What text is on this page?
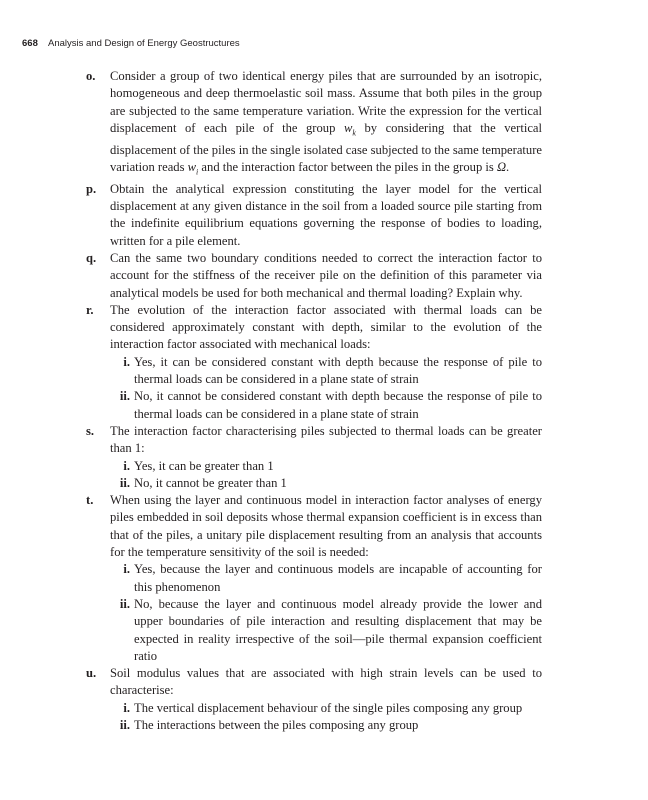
668 Analysis and Design of Energy Geostructures
o.	Consider a group of two identical energy piles that are surrounded by an isotropic, homogeneous and deep thermoelastic soil mass. Assume that both piles in the group are subjected to the same temperature variation. Write the expression for the vertical displacement of each pile of the group $w_k$ by considering that the vertical displacement of the piles in the single isolated case subjected to the same temperature variation reads $w_i$ and the interaction factor between the piles in the group is Ω.

p.	Obtain the analytical expression constituting the layer model for the vertical displacement at any given distance in the soil from a loaded source pile starting from the indefinite equilibrium equations governing the response of bodies to loading, written for a pile element.

q.	Can the same two boundary conditions needed to correct the interaction factor to account for the stiffness of the receiver pile on the definition of this parameter via analytical models be used for both mechanical and thermal loading? Explain why.

r.	The evolution of the interaction factor associated with thermal loads can be considered approximately constant with depth, similar to the evolution of the interaction factor associated with mechanical loads:

i. Yes, it can be considered constant with depth because the response of pile to thermal loads can be considered in a plane state of strain

ii. No, it cannot be considered constant with depth because the response of pile to thermal loads can be considered in a plane state of strain

s.	The interaction factor characterising piles subjected to thermal loads can be greater than 1:

i. Yes, it can be greater than 1

ii. No, it cannot be greater than 1

t.	When using the layer and continuous model in interaction factor analyses of energy piles embedded in soil deposits whose thermal expansion coefficient is in excess than that of the piles, a unitary pile displacement resulting from an analysis that accounts for the temperature sensitivity of the soil is needed:

i. Yes, because the layer and continuous models are incapable of accounting for this phenomenon

ii. No, because the layer and continuous model already provide the lower and upper boundaries of pile interaction and resulting displacement that may be expected in reality irrespective of the soil—pile thermal expansion coefficient ratio

u.	Soil modulus values that are associated with high strain levels can be used to characterise:

i. The vertical displacement behaviour of the single piles composing any group

ii. The interactions between the piles composing any group
